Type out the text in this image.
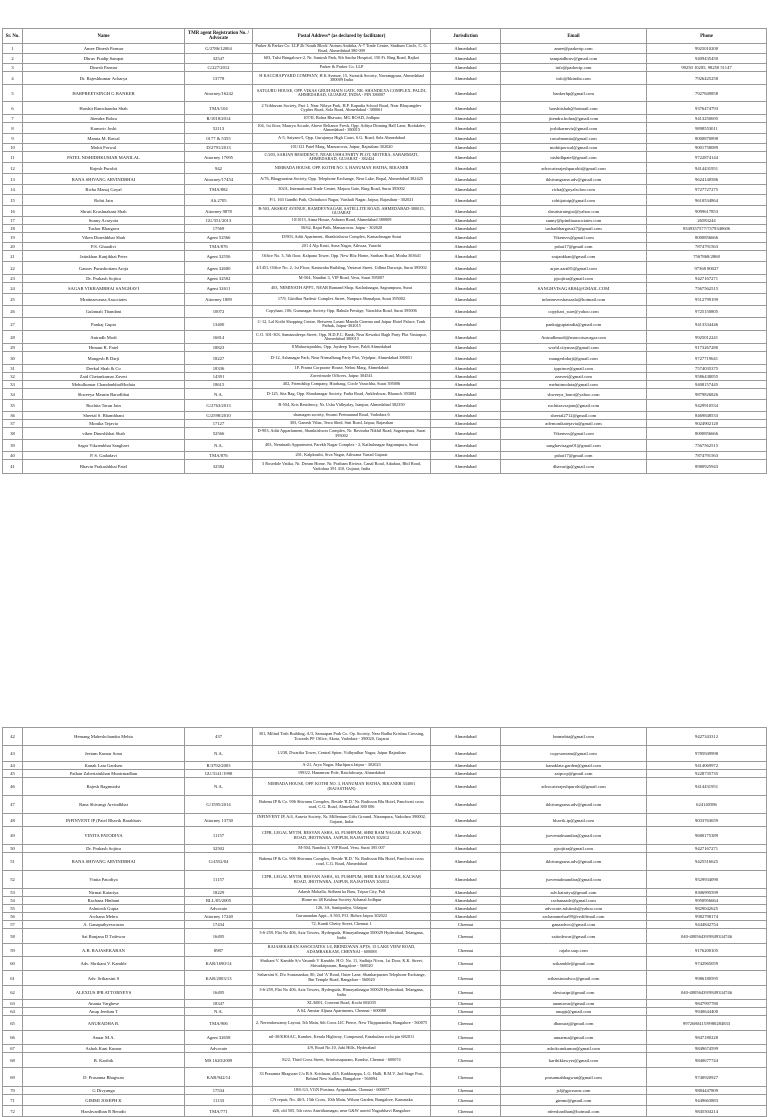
Sr. No.	Name	TMR agent Registration No. / Advocate	Postal Address* (as declared by facilitator)	Jurisdiction	Email	Phone
1	Amee Dinesh Parmar	G/2786/12004	Parker & Parker Co. LLP 2b 'South Block' Atrium Ambika, A-7 Trade Centre, Stadium Circle, C. G. Road, Ahmedabad 380 009	Ahmedabad	amee@parkerip.com	9925010200
2	Dhruv Pradip Sampat	32547	603, Tulsi Bungalows-2, Nr. Santosh Park, 8th Sardar Hospital, 150 Ft. Ring Road, Rajkot	Ahmedabad	sampatdhruv@gmail.com	9409435450
3	Dinesh Parmar	G/227/2012	Parker & Parker Co. LLP	Ahmedabad	info@parkerip.com	99250 10205, 98250 51147
4	Dr. Rajeshkumar Acharya	13778	H KACCHAPYARD COMPANY, H K Avenue, 15, Swastik Society, Navrangpura, Ahmedabad 380009 India	Ahmedabad	info@hkindia.com	7926425258
5	HARPREETSINGH G BANKER	Attorney/16242	SATGURU HOUSE, OPP. VIKAS GRUH MAIN GATE, NR. SHANDILYA COMPLEX, PALDI, AHMEDABAD, GUJARAT, INDIA - PIN 380007	Ahmedabad	bankerhp@gmail.com	7927849858
6	Harshit Ramchandra Shah	TMA/104	2 Tribhuvan Society, Part 1, Near Nilaya Park, H.P. Kapadia School Road, Near Bhuyangdev Cypher Road, Sola Road, Ahmedabad - 380061	Ahmedabad	harshitshah@hotmail.com	9376474793
7	Jitendra Bohra	R/1018/2014	107/II, Bohra Bhawan, MG ROAD, Jodhpur	Ahmedabad	jitendra.bohra@gmail.com	9413250695
8	Karmvir Joshi	52113	104, 1st floor, Maurya Arcade, Above Reliance Fresh, Opp. Aditya Dinning Hall Lane, Bodakdev, Ahmedabad - 380015	Ahmedabad	joshikarmvir@gmail.com	9898553011
9	Mamta M. Rawal	0177 & 5355	A-5, Satyam-5, Opp. Gurujanya High Court, S.G. Road, Sola Ahmedabad	Ahmedabad	rawalmamta@gmail.com	8000870898
10	Mohit Porwal	D/2791/2013	101/121 Patel Marg, Mansarovar, Jaipur, Rajasthan 302020	Ahmedabad	mohitporwal@gmail.com	9001758089
11	PATEL NISHIDHKUMAR MANILAL	Attorney 17095	C/203, SARJAN RESIDENCY, NEAR USHA PARTY PLOT, MOTERA, SABARMATI, AHMEDABAD, GUJARAT - 382424	Ahmedabad	nishidhpatel@gmail.com	9722874144
12	Rajesh Purohit	942	NIMBADA HOUSE, OPP. KOTHI NO. 3, HANUMAN HATHA, BIKANER	Ahmedabad	advocaterajeshpurohit@gmail.com	9414431951
13	RANA SHIVANG ARVINDBHAI	Attorney/17454	A/76, Bhagyaratna Society, Opp. Telephone Exchange, Near Lake, Bopal, Ahmedabad 382425	Ahmedabad	ikhivangrana.adv@gmail.com	9624140586
14	Richa Manoj Goyal	TMA/882	302A, International Trade Centre, Majura Gate, Ring Road, Surat 395002	Ahmedabad	richa@goyalsclaw.com	9727727275
15	Rohit Jain	Alt.2705	F/1, 163 Gandhi Path, Chitrakoot Nagar, Vaishali Nagar, Jaipur, Rajasthan - 302021	Ahmedabad	rohitjainip@gmail.com	9610534864
16	Shruti Krushnakant Shah	Attorney 9878	B-503, AKSHAT AVENUE, RAMDEVNAGAR, SATELLITE ROAD, AHMEDABAD-380015, GUJARAT	Ahmedabad	shrutistrategist@yahoo.com	9099617853
17	Sunny Acaryota	GU/351/2013	10/1013, Atma House, Ashram Road, Ahmedabad 380009	Ahmedabad	sunny@ipindiaassociates.com	26583244
18	Tushar Bhargava	17569	56/62, Rajat Path, Mansarovar, Jaipur - 302020	Ahmedabad	tusharbhargava27@gmail.com	9549357577/7379340606
19	Viken Dineshbhai Shah	Agent 52566	D/903, Adiit Apartment, Shanktishwar Complex, Kamachnagar Surat	Ahmedabad	Vikensvs@gmail.com	8000856666
20	P.S. Ghaadivi	TMA/876	201 4 Alp Kruti, Sona Nagar, Athwaa, Varachi	Ahmedabad	pshat17@gmail.com	7874791563
21	Jatinkhan Kanjibhai Peter	Agent 32556	Office No. 3, 5th floor, Kalpana Tower, Opp. New Bliz Home, Sarthan Road, Motha 363641	Ahmedabad	srajankhan@gmail.com	7567868/2868
22	Gaurav Purushottam Aroja	Agent 32600	4/1451, Office No. 2, 1st Floor, Kasturaba Building, Variavat Street, Udhna Darwaja, Surat 395002	Ahmedabad	arjae.aarti81@gmail.com	97368 80027
23	Dr. Prakash Sojitra	Agent 32502	M-504, Nandini 3, VIP Road, Vesu, Surat 395007	Ahmedabad	pjsojitra@gmail.com	9427167271
24	SAGAR VIKRAMBHAI SANGHAVI	Agent 32611	403, NEMINATH APPT., NEAR Ramand Shop, Kailashnagar, Sagrampura, Surat	Ahmedabad	SANGHVISAGAR04@GMAIL.COM	7567562515
25	Mratinarvasna Associates	Attorney 1889	17/9, Giridhar Nadesir Complex Street, Nanpura Shanalpur, Surat 395002	Ahmedabad	infonmvershassasla@hotmail.com	9512799199
26	Gulamali Thandani	10072	Copyhaat, 106, Gurunagar Society Opp. Bahula Prestige, Varachha Road, Surat 395006	Ahmedabad	copyhart_sure@yahoo.com	9725150805
27	Pankaj Gupta	13400	C-12, Lal Kothi Shopping Centre, Between Laxmi Mandir Cinema and Jaipur Hotel Palace, Tonk Pathak, Jaipur-302015	Ahmedabad	pankajguptaindia@gmail.com	9413334446
28	Anirudh Modi	16814	C.O. 301-303, Samanodeeps Street, Opp. H.D.F.C. Bank, Near Kewakri Bagh Party Plot Vastrapur, Ahmedabad 380015	Ahmedabad	Anirudhmodi@mascotsavagar.com	9925012241
29	Himani R. Patel	18823	8 Mahavirprabhu, Opp. Jaydeep Tower, Paldi Ahmedabad	Ahmedabad	world.citymax@gmail.com	9173267280
30	Mangesh B Darji	18227	D-12, Ashanagar Park, Near Nirmalbaug Party Plot, Vejalpur, Ahmedabad 380051	Ahmedabad	mangeshdarji@gmail.com	9727719641
31	Deekal Shah & Co	18336	1F, Prarna Corporate House, Nehru Marg, Ahmedabad	Ahmedabad	ipprince@gmail.com	7574035375
32	Zaid Chetankumar Zaveri	14391	Zaverimode Officers, Jaipur 304541	Ahmedabad	zzaveri@gmail.com	9586438055
33	Mehulkumar ChandanbhaiModaia	18615	402, Friendship Company, Hirabaug, Circle Varachha, Surat 395006	Ahmedabad	mehuimodaia@gmail.com	9408157445
34	Shweeya Maurin Barodbhai	N.A.	D-125, Sita Bag, Opp. Shardanagar Society, Fadia Road, Ankleshwar, Bharuch 393002	Ahmedabad	shweeya_barot@yahoo.com	9879826826
35	Ruchita Tarun Jain	G/2763/2013	B-504, Kris Residency, Nr. Usha Vidhyalay, Isanpur, Ahmedabad 382350	Ahmedabad	ruchitasvsajain@gmail.com	9429910534
36	Sheetal S. Bhambhani	G/2598/2010	shamagen society, Swami Premanand Road, Vadodara 6	Ahmedabad	sheetal2712@gmail.com	8469848533
37	Monika Tejavia	17127	303, Ganesh Vihar, Terra Shed, Sini Road, Jaipur, Rajasthan	Ahmedabad	advmonikatejavia@gmail.com	9024902120
38	viken Dineshbhai Shah	52566	D-903, Adiit Apparlament, Shanktishwar Complex, Nr. Ravindra Nikhil Road, Sagrampura, Surat 395002	Ahmedabad	Vikensvs@gmail.com	8000856666
39	Sagar Vikrambhai Sanghavi	N.A.	403, Neminath Appartment, Parekh Nagar Complex - 2, Kailashnagar Sagrampura, Surat	Ahmedabad	sanghavisagar01@gmail.com	7567562515
40	P. S. Gadadavi	TMA/876	201, Kalpkruthi, Siva Nagar, Athwana Variad Gujarat	Ahmedabad	pshat17@gmail.com	7874791563
41	Bhavin Prakashbhai Patel	32582	3 Rosedale Vatika, Nr. Dream Home, Nr. Pratham Riviera, Canal Road, Adadara, Bhil Road, Vadodara 391 410, Gujarat, India	Ahmedabad	dhavarijp@gmail.com	8980925943
42	Hemang Maheshchandra Mehta	437	301, Milind Tirth Building, A/3, Samarpan Park Co. Op. Society, Near Radha Krishna Crossing, Towards PF Office, Akota, Vadodara - 390020, Gujarat	Ahmedabad	hmmehta@gmail.com	9427343312
43	Jeetam Kumar Sonu	N.A.	1/238, Dwarika Tower, Central Spine, Vidhyadhar Nagar, Jaipur Rajasthan	Ahmedabad	copysoneam@gmail.com	9785949998
44	Kanak Lata Gardsen	R/3792/2003	A-21, Arya Nagar, Murlipura Jaipur - 302023	Ahmedabad	kanaklata.garden@gmail.com	9414069972
45	Pathan Zaheriainkhan Munirmadhan	GU/3141/1998	1993/2, Hanamvar Pole, Raichdwarja, Ahmedabad	Ahmedabad	zaipcop@gmail.com	9228735735
46	Rajesh Ragmurdsi	N.A.	NIMBADA HOUSE, OPP. KOTHI NO. 3, HANUMAN HATHA, BIKANER 334001 (RAJASTHAN)	Ahmedabad	advocaterajeshpurohit@gmail.com	9414431951
47	Rana Shivangi Arvindbhai	G/1595/2014	Babena IP & Co. 906 Shivamu Complex, Beside 'R.D.' Nr. Radisson Blu Hotel, Panchvati cross road, C.G. Road, Ahmedabad 380 006	Ahmedabad	ikhivangrana.adv@gmail.com	624140586
48	INFINVENT IP (Patel Bhavik Barabhaiv	Attorney 13730	INFINVENT IP, A/4, Aanvia Society, Nr. Millenium Gifts Ground, Nizampura, Vadodara 390002, Gujarat, India	Ahmedabad	bhavik.ip@gmail.com	9033763659
49	VINITA PATODIYA	11157	CIPR, LEGAL MYTH, RESVAN ASHA, 63, PUSHPUM, SHRI RAM NAGAR, KALWAR ROAD, JHOTWARA, JAIPUR, RAJASTHAN 302012	Ahmedabad	jurventalmandira@gmail.com	9680175389
50	Dr. Prakash Sojitra	32502	M-504, Nandini 3, VIP Road, Vesu, Surat 395 007	Ahmedabad	pjsojitra@gmail.com	9427167271
51	RANA SHIVANG ARVINDBHAI	G/4552/04	Babena IP & Co. 906 Shivamu Complex, Beside 'R.D.' Nr. Radisson Blu Hotel, Panchvati cross road, C.G. Road, Ahmedabad	Ahmedabad	ikhivangrana.adv@gmail.com	9425516625
52	Vinita Patodiya	11157	CIPR, LEGAL MYTH, RESVAN ASHA, 63, PUSHPUM, SHRI RAM NAGAR, KALWAR ROAD, JHOTWARA, JAIPUR, RAJASTHAN 302012	Ahmedabad	jurventalmandira@gmail.com	9529934090
53	Nirmai Katariya	18229	Adarsh Mohalla, Sidhant ka Bass, Tripur City, Pali	Ahmedabad	adv.katariya@gmail.com	8306995599
54	Rachana Hinhani	RLL/05/2005	Home no 48 Krishna Society Achanal Jodhpur	Ahmedabad	rachanaadv@gmail.com	9950956664
55	Ashutosh Gupta	Advocate	126, 3A, Santipatiya, Udaipur	Ahmedabad	advocate.ashitosh@yahoo.com	9829042625
56	Archana Mehra	Attorney 17240	Gurunandan Appt., A 503, P.O. Bidwa Jaipur 302022	Ahmedabad	archanamehra99@rediffmail.com	9982798174
57	A. Ganapathyeswaran	17434	72, Kandi Chetty Street, Chennai 1	Chennai	ganaadvoc@gmail.com	9444842754
58	Sai Ranjana D Todewar	16495	3-6-259, Flat No 406, Aziz Towers, Hyderguda, Himayathnagar 500029 Hyderabad, Telangana, India	Chennai	saitodewar@gmail.com	040-48056439/9849334746
59	A.B. RAJASEKARAN	8987	RAJASEKARAN ASSOCIATES 1/4, BRINDAVAN APTS, 15 LAKE VIEW ROAD, ADAMBAKKAM, CHENNAI - 600088	Chennai	rajabr.sarp.com	9176200105
60	Adv. Shrikant V. Kamble	KAR/1690/14	Shrikant V. Kamble S/o Vasanth V Kamble, H.O. No. 11, Sadhija Nivas, 1st Door, K.K. Street, Shivadatpuram, Bangalore - 560020	Chennai	srikamble@gmail.com	9742965059
61	Adv. Sriharsini S	KAR/2003/13	Sriharsini S, D/o Somasankar, 80, 2nd 'A' Road, Outer Lane, Shankarpuram Telephone Exchange, Bnt Temple Road, Bangalore - 560020	Chennai	sriharsiniadvoc@gmail.com	9986180595
62	ALEXIUS IPR ATTORNEYS	16495	3-6-259, Flat No 406, Aziz Towers, Hyderguda, Himayathnagar 500029 Hyderabad, Telangana, India	Chennai	alexiusipr@gmail.com	040-48056439/9849334746
63	Ananta Varghese	18347	XL/6001, Convent Road, Kochi 682035	Chennai	anantavar@gmail.com	9847997780
64	Anup Jeedum T	N.A.	A 64, Amstar Aljuna Apartments, Chennai - 600088	Chennai	anupjt@gmail.com	9940644400
65	ANURADHA B.	TMA/906	2, Nerendaswamy Layout, 5th Main, 6th Cross LIC Pierce, New Thippasandra, Bangalore - 560075	Chennai	dbanuraj@gmail.com	9972680415/9980284833
66	Anuar M.A.	Agent 32658	nil-30/KHAAC, Kamber, Kerala Highway, Compound, Ernakulam rochi pin 682011	Chennai	anuarma@gmail.com	9847180228
67	Ashok Kani Kumar	Advocate	4/9, Road No.10, Jubi Hills, Hyderabad	Chennai	ashokcunkumar@gmail.com	9849674599
68	B. Karthik	MS 1620/2009	82/2, Third Cross Street, Srinivasapuram, Kondur, Chennai - 600074	Chennai	karthiklawyer@gmail.com	9840677744
69	D. Prasanna Bhagwan	KAR/942/14	33 Prasanna Bhagwan C/o B.S. Krishnan, #25, Kaddarappa, L.G. Halli, R.M.V. 2nd Stage Post, Behind New Sadhna, Bangalore - 560094	Chennai	prasannabhagwan@gmail.com	9740920927
70	G Divyanga	17534	18/6 G3, VGN Prasima, Ayapakkam, Chennai - 600077	Chennai	jsl@gpcrsons.com	9884447809
71	GIMMI JOSEPH K	11133	CN repair, No. 46/3, 15th Cross, 10th Main, Wilson Garden, Bangalore, Karnataka	Chennai	gimmi@gmail.com	9449663883
72	Harshvardhan R Beradti	TMA/771	#26, old 505, 5th cross Amritharnagar, near G&W aravid Nagarbhavi Bangalore	Chennai	rdeeshardhan@hotmail.com	9845504214
